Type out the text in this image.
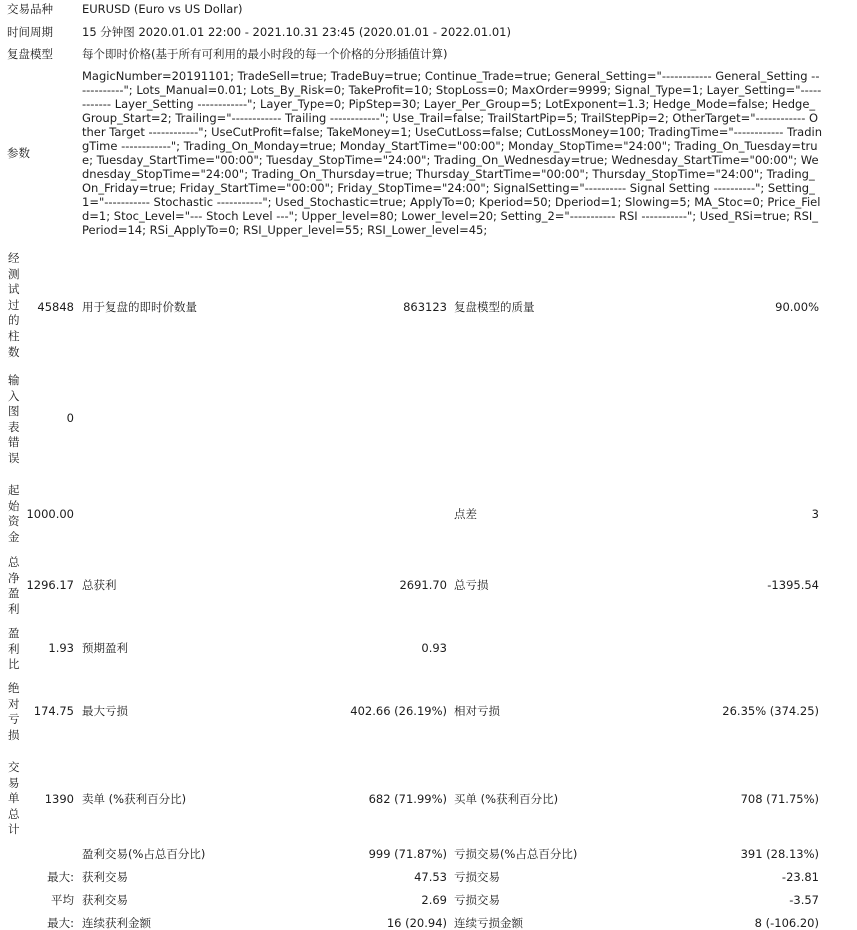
交易品种	EURUSD (Euro vs US Dollar)
时间周期	15 分钟图 2020.01.01 22:00 - 2021.10.31 23:45 (2020.01.01 - 2022.01.01)
复盘模型	每个即时价格(基于所有可利用的最小时段的每一个价格的分形插值计算)
参数
MagicNumber=20191101; TradeSell=true; TradeBuy=true; Continue_Trade=true; General_Setting="------------ General_Setting ------------"; Lots_Manual=0.01; Lots_By_Risk=0; TakeProfit=10; StopLoss=0; MaxOrder=9999; Signal_Type=1; Layer_Setting="------------ Layer_Setting ------------"; Layer_Type=0; PipStep=30; Layer_Per_Group=5; LotExponent=1.3; Hedge_Mode=false; Hedge_Group_Start=2; Trailing="------------ Trailing ------------"; Use_Trail=false; TrailStartPip=5; TrailStepPip=2; OtherTarget="------------ Other Target ------------"; UseCutProfit=false; TakeMoney=1; UseCutLoss=false; CutLossMoney=100; TradingTime="------------ TradingTime ------------"; Trading_On_Monday=true; Monday_StartTime="00:00"; Monday_StopTime="24:00"; Trading_On_Tuesday=true; Tuesday_StartTime="00:00"; Tuesday_StopTime="24:00"; Trading_On_Wednesday=true; Wednesday_StartTime="00:00"; Wednesday_StopTime="24:00"; Trading_On_Thursday=true; Thursday_StartTime="00:00"; Thursday_StopTime="24:00"; Trading_On_Friday=true; Friday_StartTime="00:00"; Friday_StopTime="24:00"; SignalSetting="---------- Signal Setting ----------"; Setting_1="----------- Stochastic -----------"; Used_Stochastic=true; ApplyTo=0; Kperiod=50; Dperiod=1; Slowing=5; MA_Stoc=0; Price_Field=1; Stoc_Level="--- Stoch Level ---"; Upper_level=80; Lower_level=20; Setting_2="----------- RSI -----------"; Used_RSi=true; RSI_Period=14; RSi_ApplyTo=0; RSI_Upper_level=55; RSI_Lower_level=45;
经测试过的柱数
45848 用于复盘的即时价数量	863123 复盘模型的质量	90.00%
输入图表错误
0
起始资金
1000.00	点差	3
总净盈利
1296.17 总获利	2691.70 总亏损	-1395.54
盈利比
1.93 预期盈利	0.93
绝对亏损
174.75 最大亏损	402.66 (26.19%) 相对亏损	26.35% (374.25)
交易单总计
1390 卖单 (%获利百分比)	682 (71.99%) 买单 (%获利百分比)	708 (71.75%)
盈利交易(%占总百分比)	999 (71.87%) 亏损交易(%占总百分比)	391 (28.13%)
最大: 获利交易	47.53 亏损交易	-23.81
平均 获利交易	2.69 亏损交易	-3.57
最大: 连续获利金额	16 (20.94) 连续亏损金额	8 (-106.20)
